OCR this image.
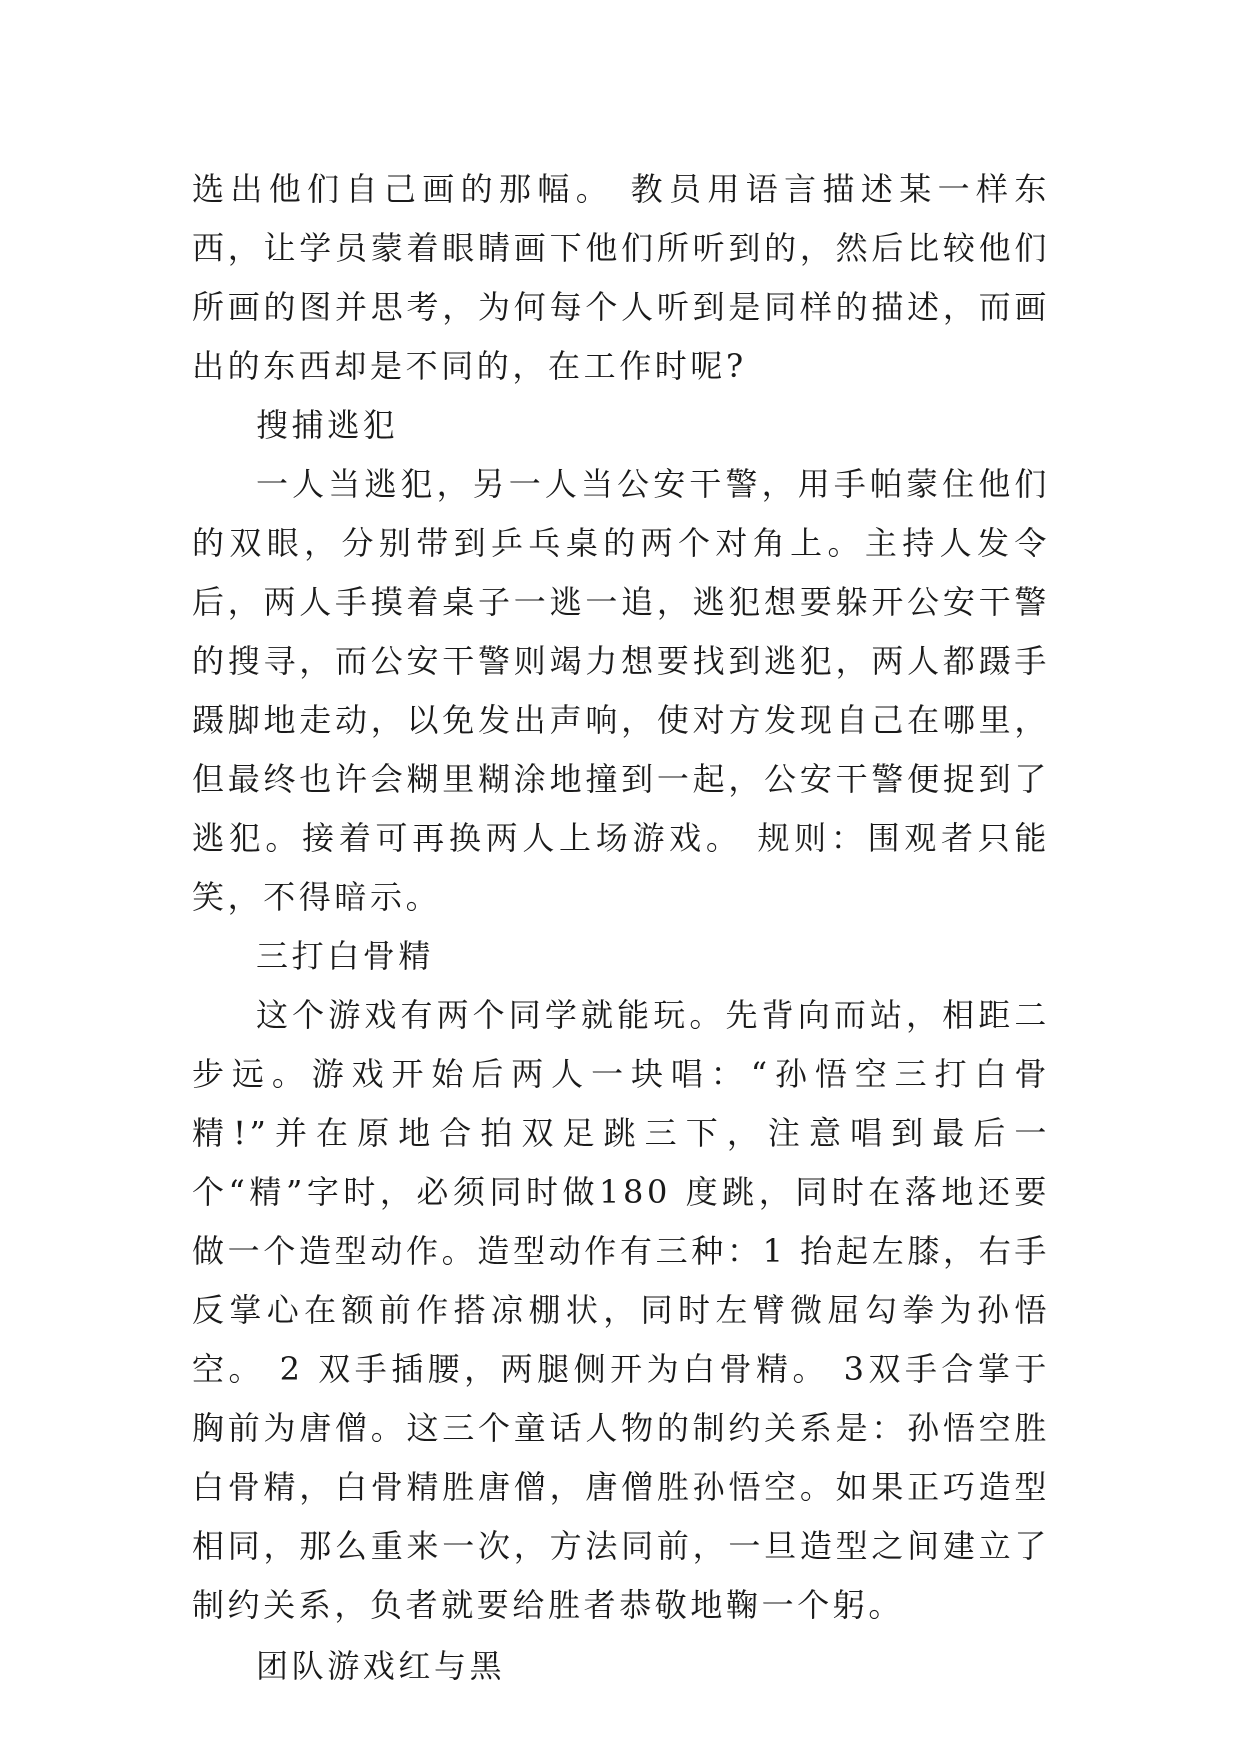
选出他们自己画的那幅。 教员用语言描述某一样东西，让学员蒙着眼睛画下他们所听到的，然后比较他们所画的图并思考，为何每个人听到是同样的描述，而画出的东西却是不同的，在工作时呢?

搜捕逃犯

一人当逃犯，另一人当公安干警，用手帕蒙住他们的双眼，分别带到乒乓桌的两个对角上。主持人发令后，两人手摸着桌子一逃一追，逃犯想要躲开公安干警的搜寻，而公安干警则竭力想要找到逃犯，两人都蹑手蹑脚地走动，以免发出声响，使对方发现自己在哪里，但最终也许会糊里糊涂地撞到一起，公安干警便捉到了逃犯。接着可再换两人上场游戏。 规则：围观者只能笑，不得暗示。

三打白骨精

这个游戏有两个同学就能玩。先背向而站，相距二步远。游戏开始后两人一块唱：“孙悟空三打白骨精!”并在原地合拍双足跳三下，注意唱到最后一个“精”字时，必须同时做180 度跳，同时在落地还要做一个造型动作。造型动作有三种：1 抬起左膝，右手反掌心在额前作搭凉棚状，同时左臂微屈勾拳为孙悟空。 2 双手插腰，两腿侧开为白骨精。 3双手合掌于胸前为唐僧。这三个童话人物的制约关系是：孙悟空胜白骨精，白骨精胜唐僧，唐僧胜孙悟空。如果正巧造型相同，那么重来一次，方法同前，一旦造型之间建立了制约关系，负者就要给胜者恭敬地鞠一个躬。

团队游戏红与黑
